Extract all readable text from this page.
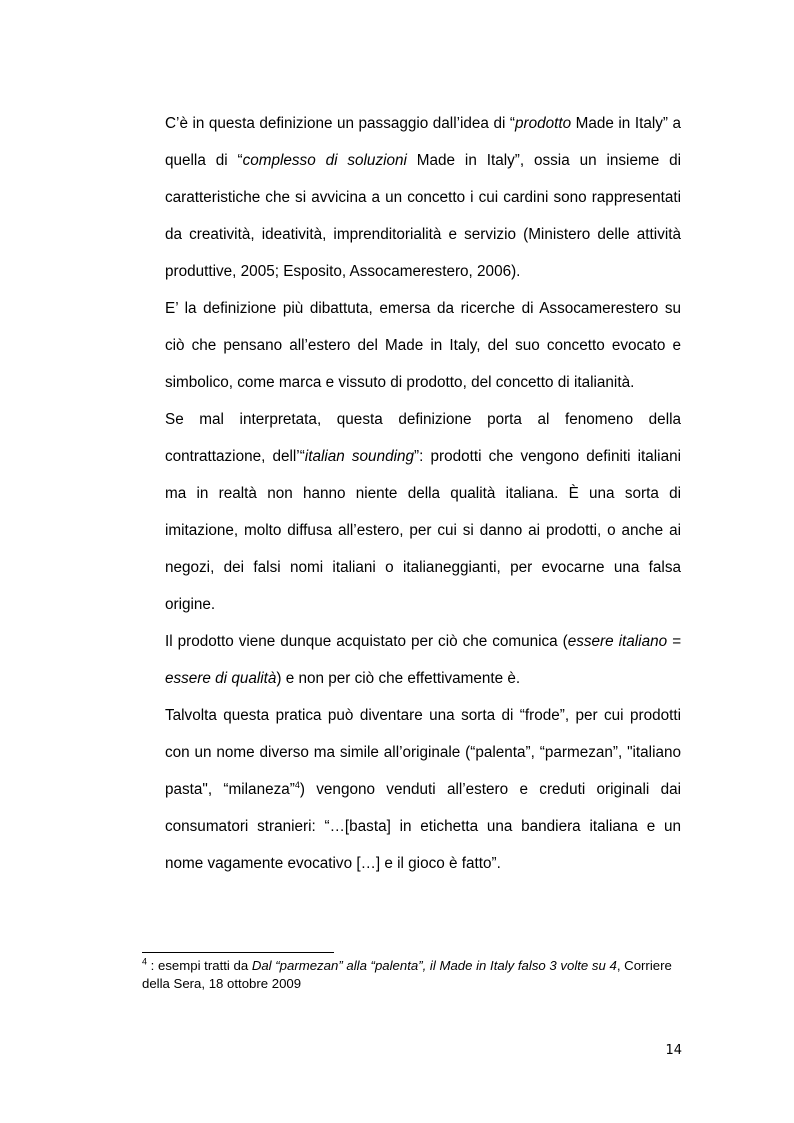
C’è in questa definizione un passaggio dall’idea di “prodotto Made in Italy” a quella di “complesso di soluzioni Made in Italy”, ossia un insieme di caratteristiche che si avvicina a un concetto i cui cardini sono rappresentati da creatività, ideatività, imprenditorialità e servizio (Ministero delle attività produttive, 2005; Esposito, Assocamerestero, 2006).

E’ la definizione più dibattuta, emersa da ricerche di Assocamerestero su ciò che pensano all’estero del Made in Italy, del suo concetto evocato e simbolico, come marca e vissuto di prodotto, del concetto di italianità.

Se mal interpretata, questa definizione porta al fenomeno della contrattazione, dell’“italian sounding”: prodotti che vengono definiti italiani ma in realtà non hanno niente della qualità italiana. È una sorta di imitazione, molto diffusa all’estero, per cui si danno ai prodotti, o anche ai negozi, dei falsi nomi italiani o italianeggianti, per evocarne una falsa origine.

Il prodotto viene dunque acquistato per ciò che comunica (essere italiano = essere di qualità) e non per ciò che effettivamente è.

Talvolta questa pratica può diventare una sorta di “frode”, per cui prodotti con un nome diverso ma simile all’originale (“palenta”, “parmezan”, "italiano pasta", “milaneza”$^4$) vengono venduti all’estero e creduti originali dai consumatori stranieri: “…[basta] in etichetta una bandiera italiana e un nome vagamente evocativo […] e il gioco è fatto”.

$^4$ : esempi tratti da Dal “parmezan” alla “palenta”, il Made in Italy falso 3 volte su 4, Corriere della Sera, 18 ottobre 2009
14
